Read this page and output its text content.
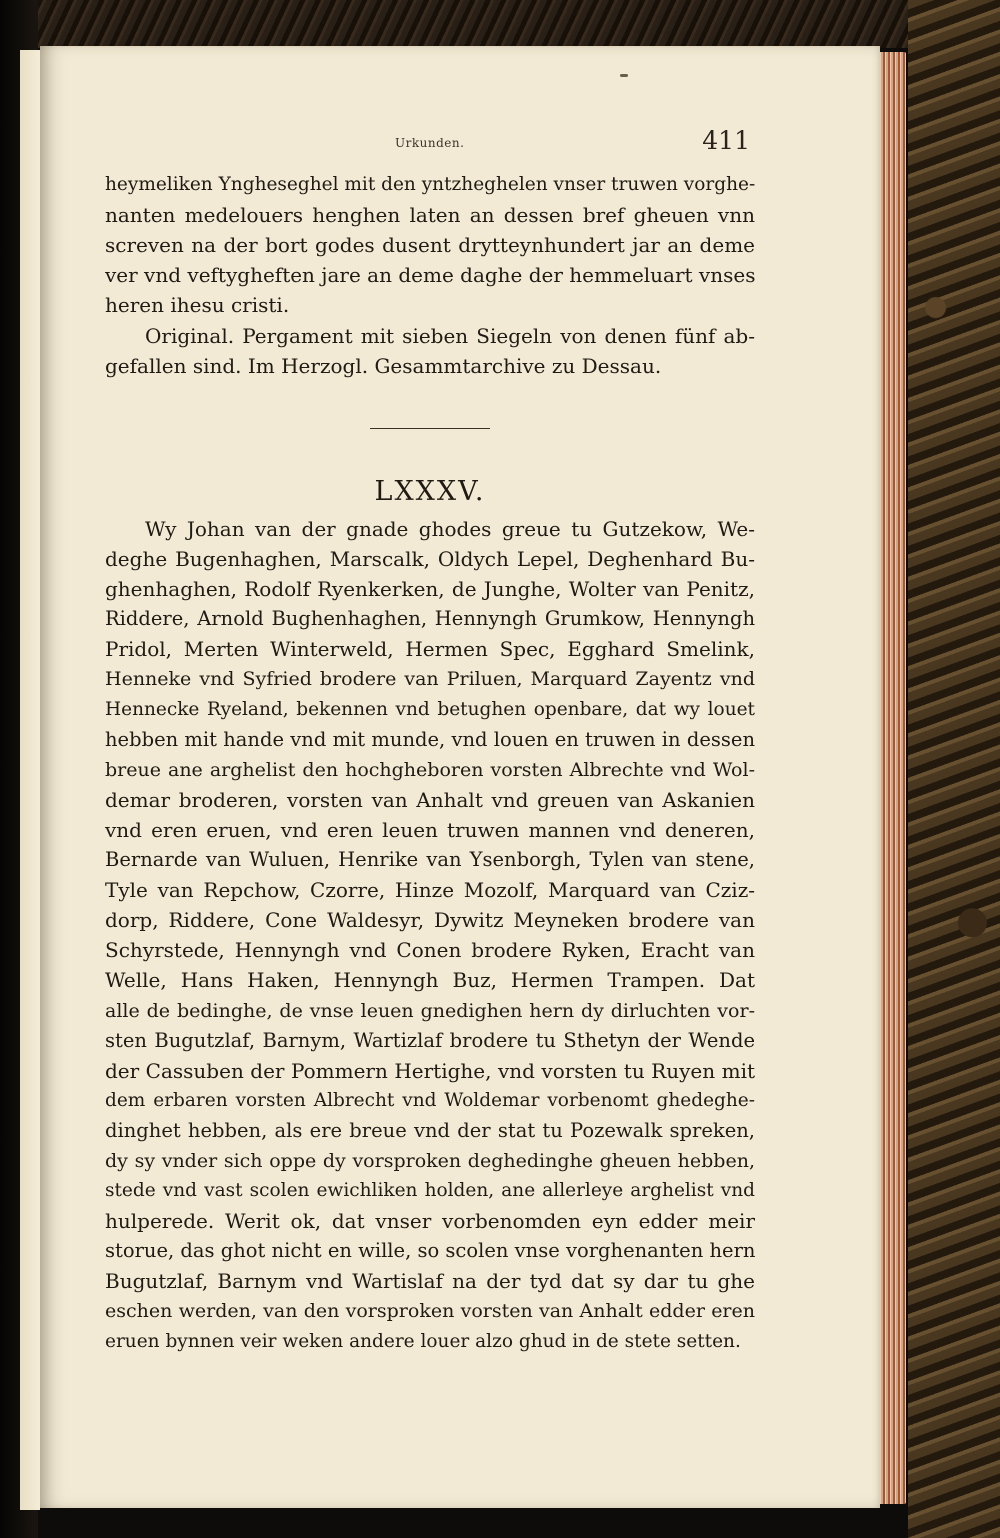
Urkunden.	411
heymeliken Yngheseghel mit den yntzheghelen vnser truwen vorghe-
nanten medelouers henghen laten an dessen bref gheuen vnn
screven na der bort godes dusent drytteynhundert jar an deme
ver vnd veftygheften jare an deme daghe der hemmeluart vnses
heren ihesu cristi.
Original. Pergament mit sieben Siegeln von denen fünf ab-
gefallen sind. Im Herzogl. Gesammtarchive zu Dessau.
LXXXV.
Wy Johan van der gnade ghodes greue tu Gutzekow, We-
deghe Bugenhaghen, Marscalk, Oldych Lepel, Deghenhard Bu-
ghenhaghen, Rodolf Ryenkerken, de Junghe, Wolter van Penitz,
Riddere, Arnold Bughenhaghen, Hennyngh Grumkow, Hennyngh
Pridol, Merten Winterweld, Hermen Spec, Egghard Smelink,
Henneke vnd Syfried brodere van Priluen, Marquard Zayentz vnd
Hennecke Ryeland, bekennen vnd betughen openbare, dat wy louet
hebben mit hande vnd mit munde, vnd louen en truwen in dessen
breue ane arghelist den hochgheboren vorsten Albrechte vnd Wol-
demar broderen, vorsten van Anhalt vnd greuen van Askanien
vnd eren eruen, vnd eren leuen truwen mannen vnd deneren,
Bernarde van Wuluen, Henrike van Ysenborgh, Tylen van stene,
Tyle van Repchow, Czorre, Hinze Mozolf, Marquard van Cziz-
dorp, Riddere, Cone Waldesyr, Dywitz Meyneken brodere van
Schyrstede, Hennyngh vnd Conen brodere Ryken, Eracht van
Welle, Hans Haken, Hennyngh Buz, Hermen Trampen. Dat
alle de bedinghe, de vnse leuen gnedighen hern dy dirluchten vor-
sten Bugutzlaf, Barnym, Wartizlaf brodere tu Sthetyn der Wende
der Cassuben der Pommern Hertighe, vnd vorsten tu Ruyen mit
dem erbaren vorsten Albrecht vnd Woldemar vorbenomt ghedeghe-
dinghet hebben, als ere breue vnd der stat tu Pozewalk spreken,
dy sy vnder sich oppe dy vorsproken deghedinghe gheuen hebben,
stede vnd vast scolen ewichliken holden, ane allerleye arghelist vnd
hulperede. Werit ok, dat vnser vorbenomden eyn edder meir
storue, das ghot nicht en wille, so scolen vnse vorghenanten hern
Bugutzlaf, Barnym vnd Wartislaf na der tyd dat sy dar tu ghe
eschen werden, van den vorsproken vorsten van Anhalt edder eren
eruen bynnen veir weken andere louer alzo ghud in de stete setten.
